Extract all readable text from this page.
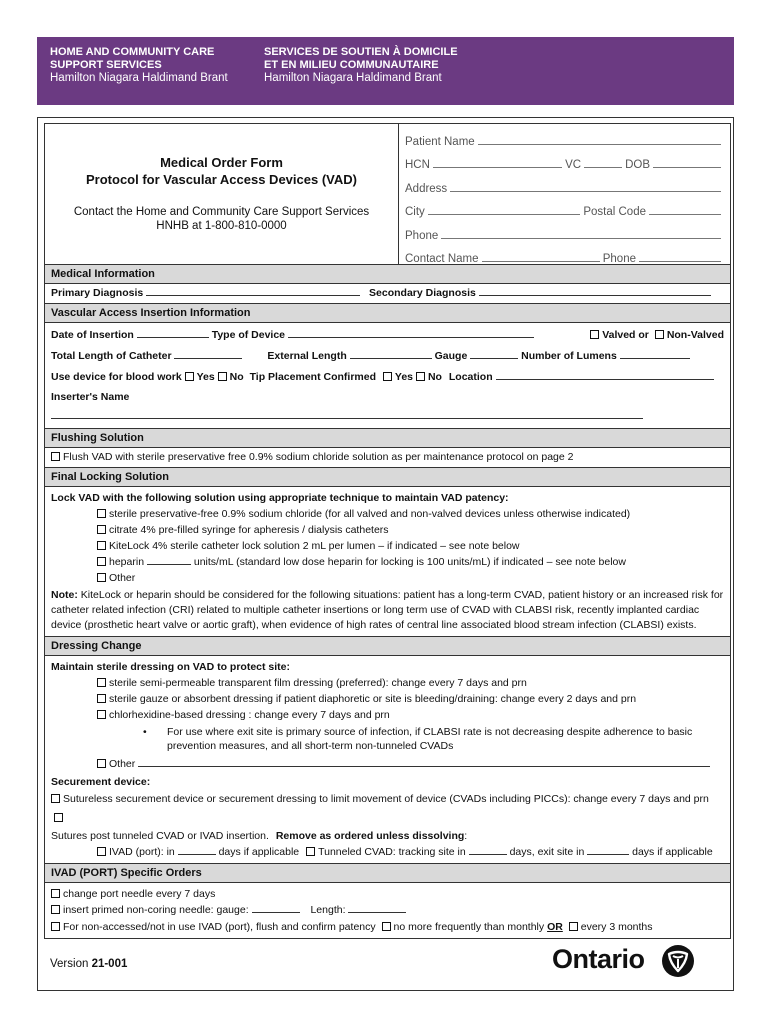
HOME AND COMMUNITY CARE
SUPPORT SERVICES
Hamilton Niagara Haldimand Brant
SERVICES DE SOUTIEN À DOMICILE
ET EN MILIEU COMMUNAUTAIRE
Hamilton Niagara Haldimand Brant
Medical Order Form
Protocol for Vascular Access Devices (VAD)
Contact the Home and Community Care Support Services
HNHB at 1-800-810-0000
Patient Name
HCN	VC	DOB
Address
City	Postal Code
Phone
Contact Name	Phone
Medical Information
Primary Diagnosis	Secondary Diagnosis
Vascular Access Insertion Information
Date of Insertion	Type of Device	Valved or Non-Valved
Total Length of Catheter	External Length	Gauge	Number of Lumens
Use device for blood work Yes No Tip Placement Confirmed Yes No Location
Inserter's Name
Flushing Solution
Flush VAD with sterile preservative free 0.9% sodium chloride solution as per maintenance protocol on page 2
Final Locking Solution
Lock VAD with the following solution using appropriate technique to maintain VAD patency:
sterile preservative-free 0.9% sodium chloride (for all valved and non-valved devices unless otherwise indicated)
citrate 4% pre-filled syringe for apheresis / dialysis catheters
KiteLock 4% sterile catheter lock solution 2 mL per lumen – if indicated – see note below
heparin	units/mL (standard low dose heparin for locking is 100 units/mL) if indicated – see note below
Other
Note: KiteLock or heparin should be considered for the following situations: patient has a long-term CVAD, patient history or an increased risk for catheter related infection (CRI) related to multiple catheter insertions or long term use of CVAD with CLABSI risk, recently implanted cardiac device (prosthetic heart valve or aortic graft), when evidence of high rates of central line associated blood stream infection (CLABSI) exists.
Dressing Change
Maintain sterile dressing on VAD to protect site:
sterile semi-permeable transparent film dressing (preferred): change every 7 days and prn
sterile gauze or absorbent dressing if patient diaphoretic or site is bleeding/draining: change every 2 days and prn
chlorhexidine-based dressing : change every 7 days and prn
• For use where exit site is primary source of infection, if CLABSI rate is not decreasing despite adherence to basic prevention measures, and all short-term non-tunneled CVADs
Other
Securement device:
Sutureless securement device or securement dressing to limit movement of device (CVADs including PICCs): change every 7 days and prn
Sutures post tunneled CVAD or IVAD insertion. Remove as ordered unless dissolving:
IVAD (port): in	days if applicable Tunneled CVAD: tracking site in	days, exit site in	days if applicable
IVAD (PORT) Specific Orders
change port needle every 7 days
insert primed non-coring needle: gauge:	Length:
For non-accessed/not in use IVAD (port), flush and confirm patency no more frequently than monthly OR every 3 months
Version 21-001	Ontario
